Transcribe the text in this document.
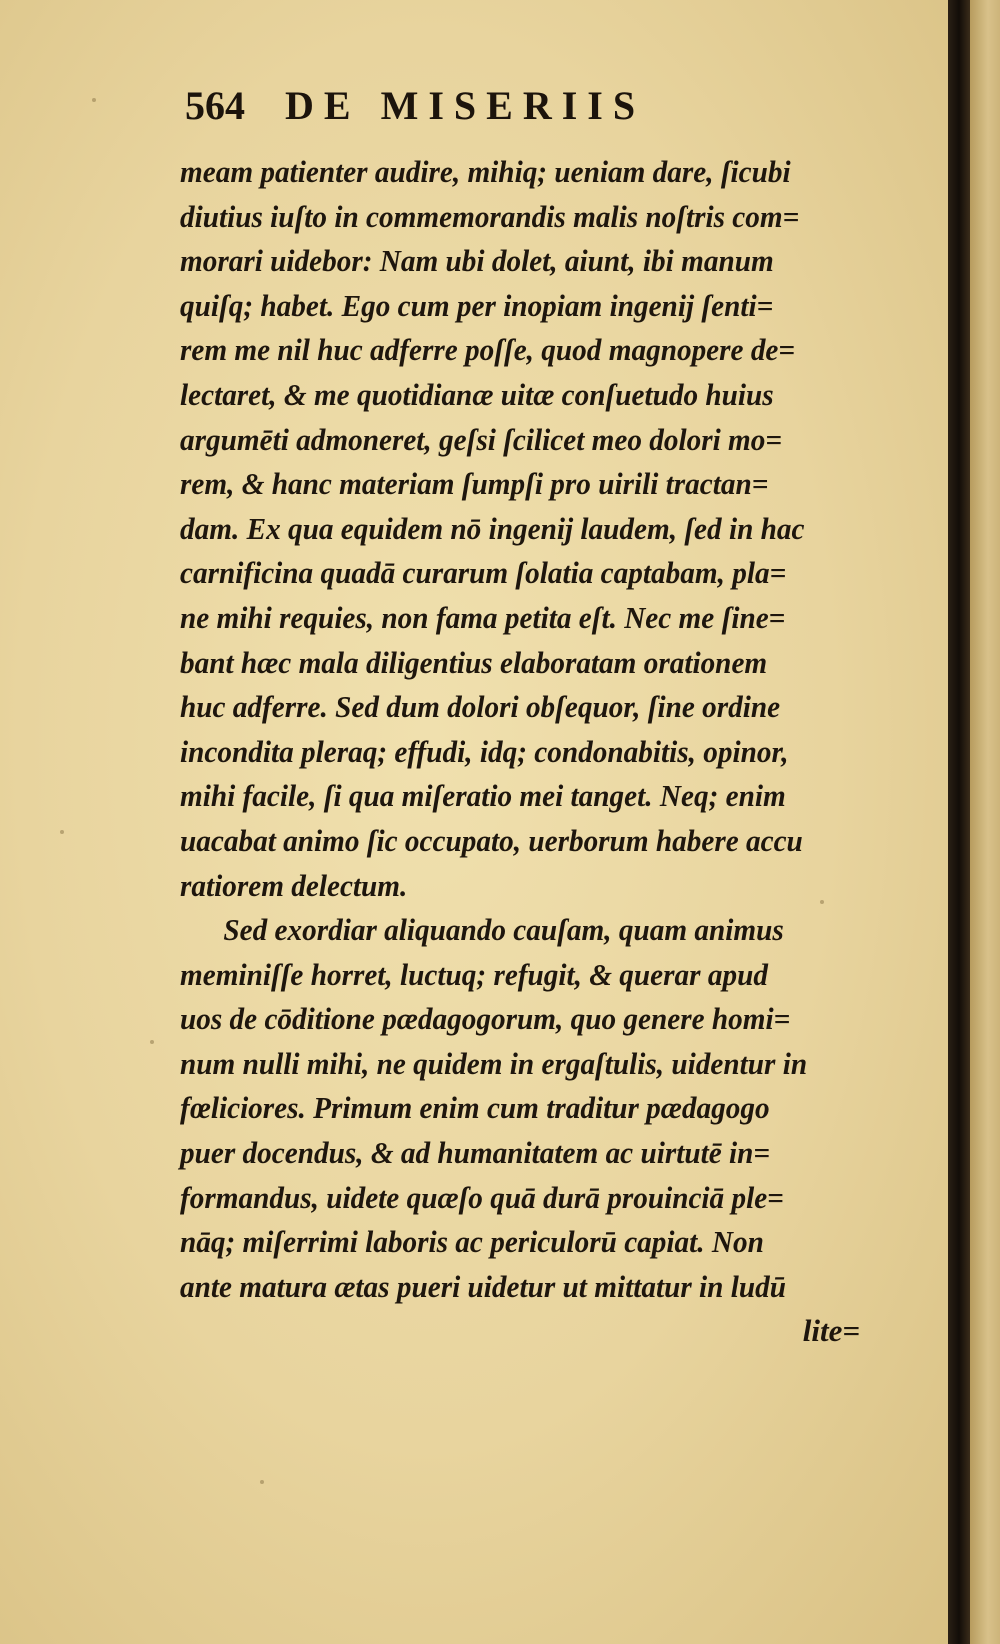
564 DE MISERIIS
meam patienter audire, mihiq; ueniam dare, ſicubi
diutius iuſto in commemorandis malis noſtris com=
morari uidebor: Nam ubi dolet, aiunt, ibi manum
quiſq; habet. Ego cum per inopiam ingenij ſenti=
rem me nil huc adferre poſſe, quod magnopere de=
lectaret, & me quotidianæ uitæ conſuetudo huius
argumēti admoneret, geſsi ſcilicet meo dolori mo=
rem, & hanc materiam ſumpſi pro uirili tractan=
dam. Ex qua equidem nō ingenij laudem, ſed in hac
carnificina quadā curarum ſolatia captabam, pla=
ne mihi requies, non fama petita eſt. Nec me ſine=
bant hæc mala diligentius elaboratam orationem
huc adferre. Sed dum dolori obſequor, ſine ordine
incondita pleraq; effudi, idq; condonabitis, opinor,
mihi facile, ſi qua miſeratio mei tanget. Neq; enim
uacabat animo ſic occupato, uerborum habere accu
ratiorem delectum.
Sed exordiar aliquando cauſam, quam animus
meminiſſe horret, luctuq; refugit, & querar apud
uos de cōditione pædagogorum, quo genere homi=
num nulli mihi, ne quidem in ergaſtulis, uidentur in
fœliciores. Primum enim cum traditur pædagogo
puer docendus, & ad humanitatem ac uirtutē in=
formandus, uidete quæſo quā durā prouinciā ple=
nāq; miſerrimi laboris ac periculorū capiat. Non
ante matura ætas pueri uidetur ut mittatur in ludū
lite=
